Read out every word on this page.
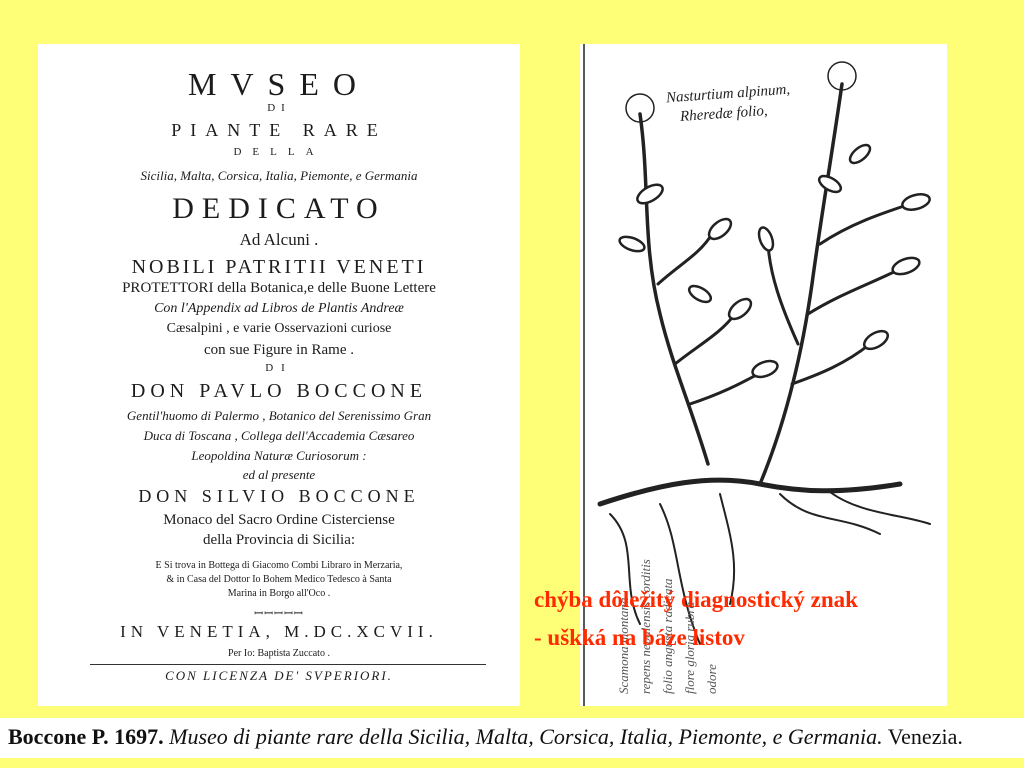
MVSEO
DI
PIANTE RARE
DELLA
Sicilia, Malta, Corsica, Italia, Piemonte, e Germania
DEDICATO
Ad Alcuni .
NOBILI PATRITII VENETI
PROTETTORI della Botanica,e delle Buone Lettere
Con l'Appendix ad Libros de Plantis Andreæ
Cæsalpini , e varie Osservazioni curiose
con sue Figure in Rame .
DI
DON PAVLO BOCCONE
Gentil'huomo di Palermo , Botanico del Serenissimo Gran
Duca di Toscana , Collega dell'Accademia Cæsareo
Leopoldina Naturæ Curiosorum :
ed al presente
DON SILVIO BOCCONE
Monaco del Sacro Ordine Cisterciense
della Provincia di Sicilia:
E Si trova in Bottega di Giacomo Combi Libraro in Merzaria,
& in Casa del Dottor Io Bohem Medico Tedesco à Santa
Marina in Borgo all'Oco .
ꟷꟷꟷꟷꟷ
IN VENETIA, M.DC.XCVII.
Per Io: Baptista Zuccato .
CON LICENZA DE' SVPERIORI.	Scamona montana repens nepalensis corditis folio angusta radicata flore gloria rubra odore
Nasturtium alpinum,
Rheredæ folio,
chýba dôležitý diagnostický znak
- uškká na báze listov
Boccone P. 1697. Museo di piante rare della Sicilia, Malta, Corsica, Italia, Piemonte, e Germania. Venezia.
